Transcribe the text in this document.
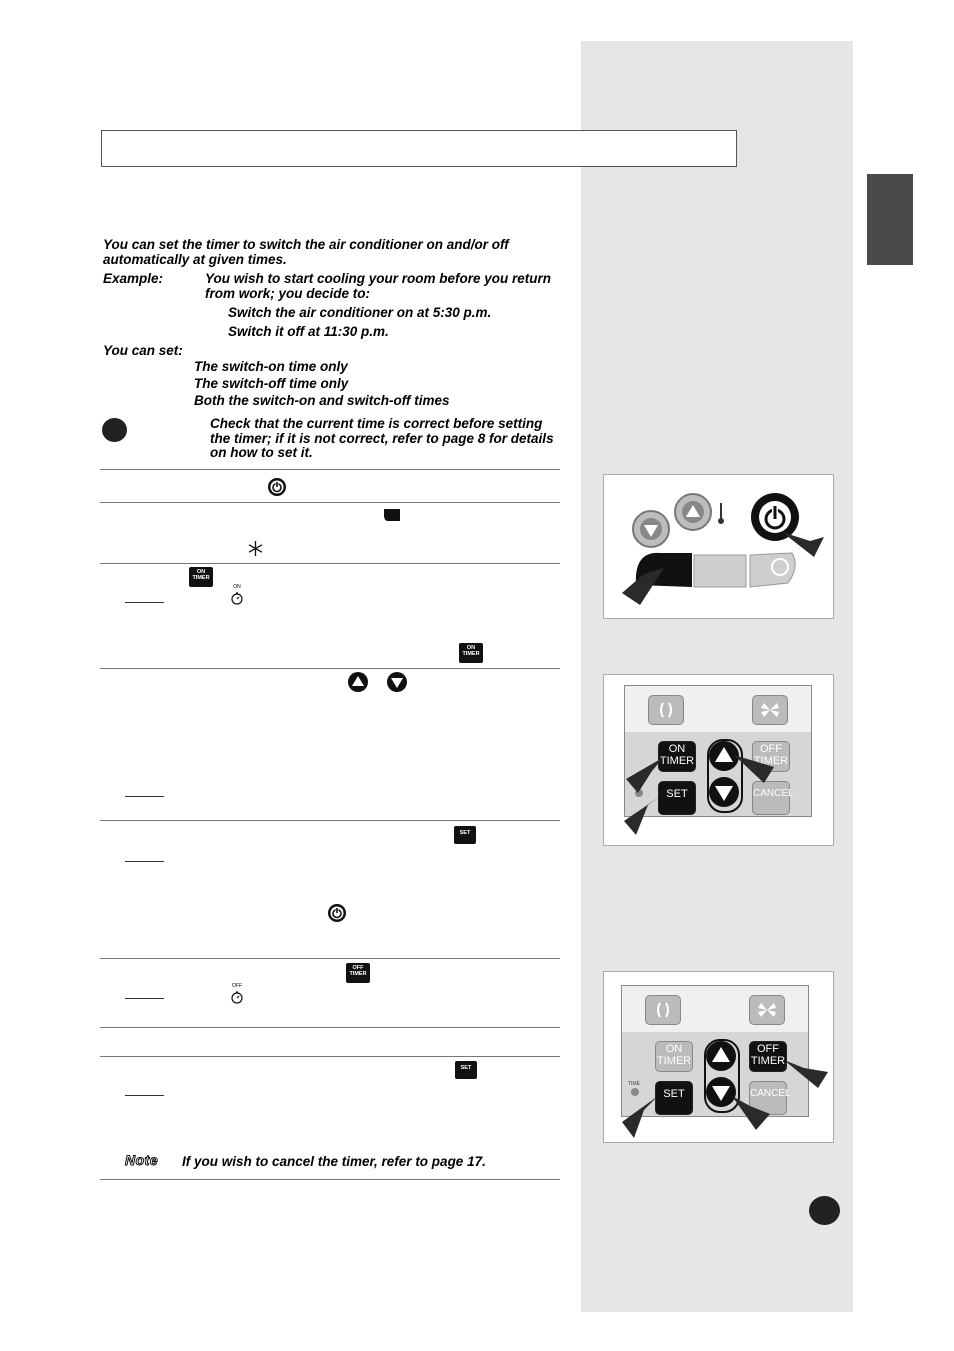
You can set the timer to switch the air conditioner on and/or off
automatically at given times.
Example:	You wish to start cooling your room before you return
from work; you decide to:
Switch the air conditioner on at 5:30 p.m.
Switch it off at 11:30 p.m.
You can set:
The switch-on time only
The switch-off time only
Both the switch-on and switch-off times
Check that the current time is correct before setting
the timer; if it is not correct, refer to page 8 for details
on how to set it.
ON
TIMER
ON
ON
TIMER
SET
OFF
TIMER
OFF
SET
Note If you wish to cancel the timer, refer to page 17.
ON
TIMER
SET
OFF
TIMER
CANCEL
ON
TIMER
SET
OFF
TIMER
CANCEL
TIME
